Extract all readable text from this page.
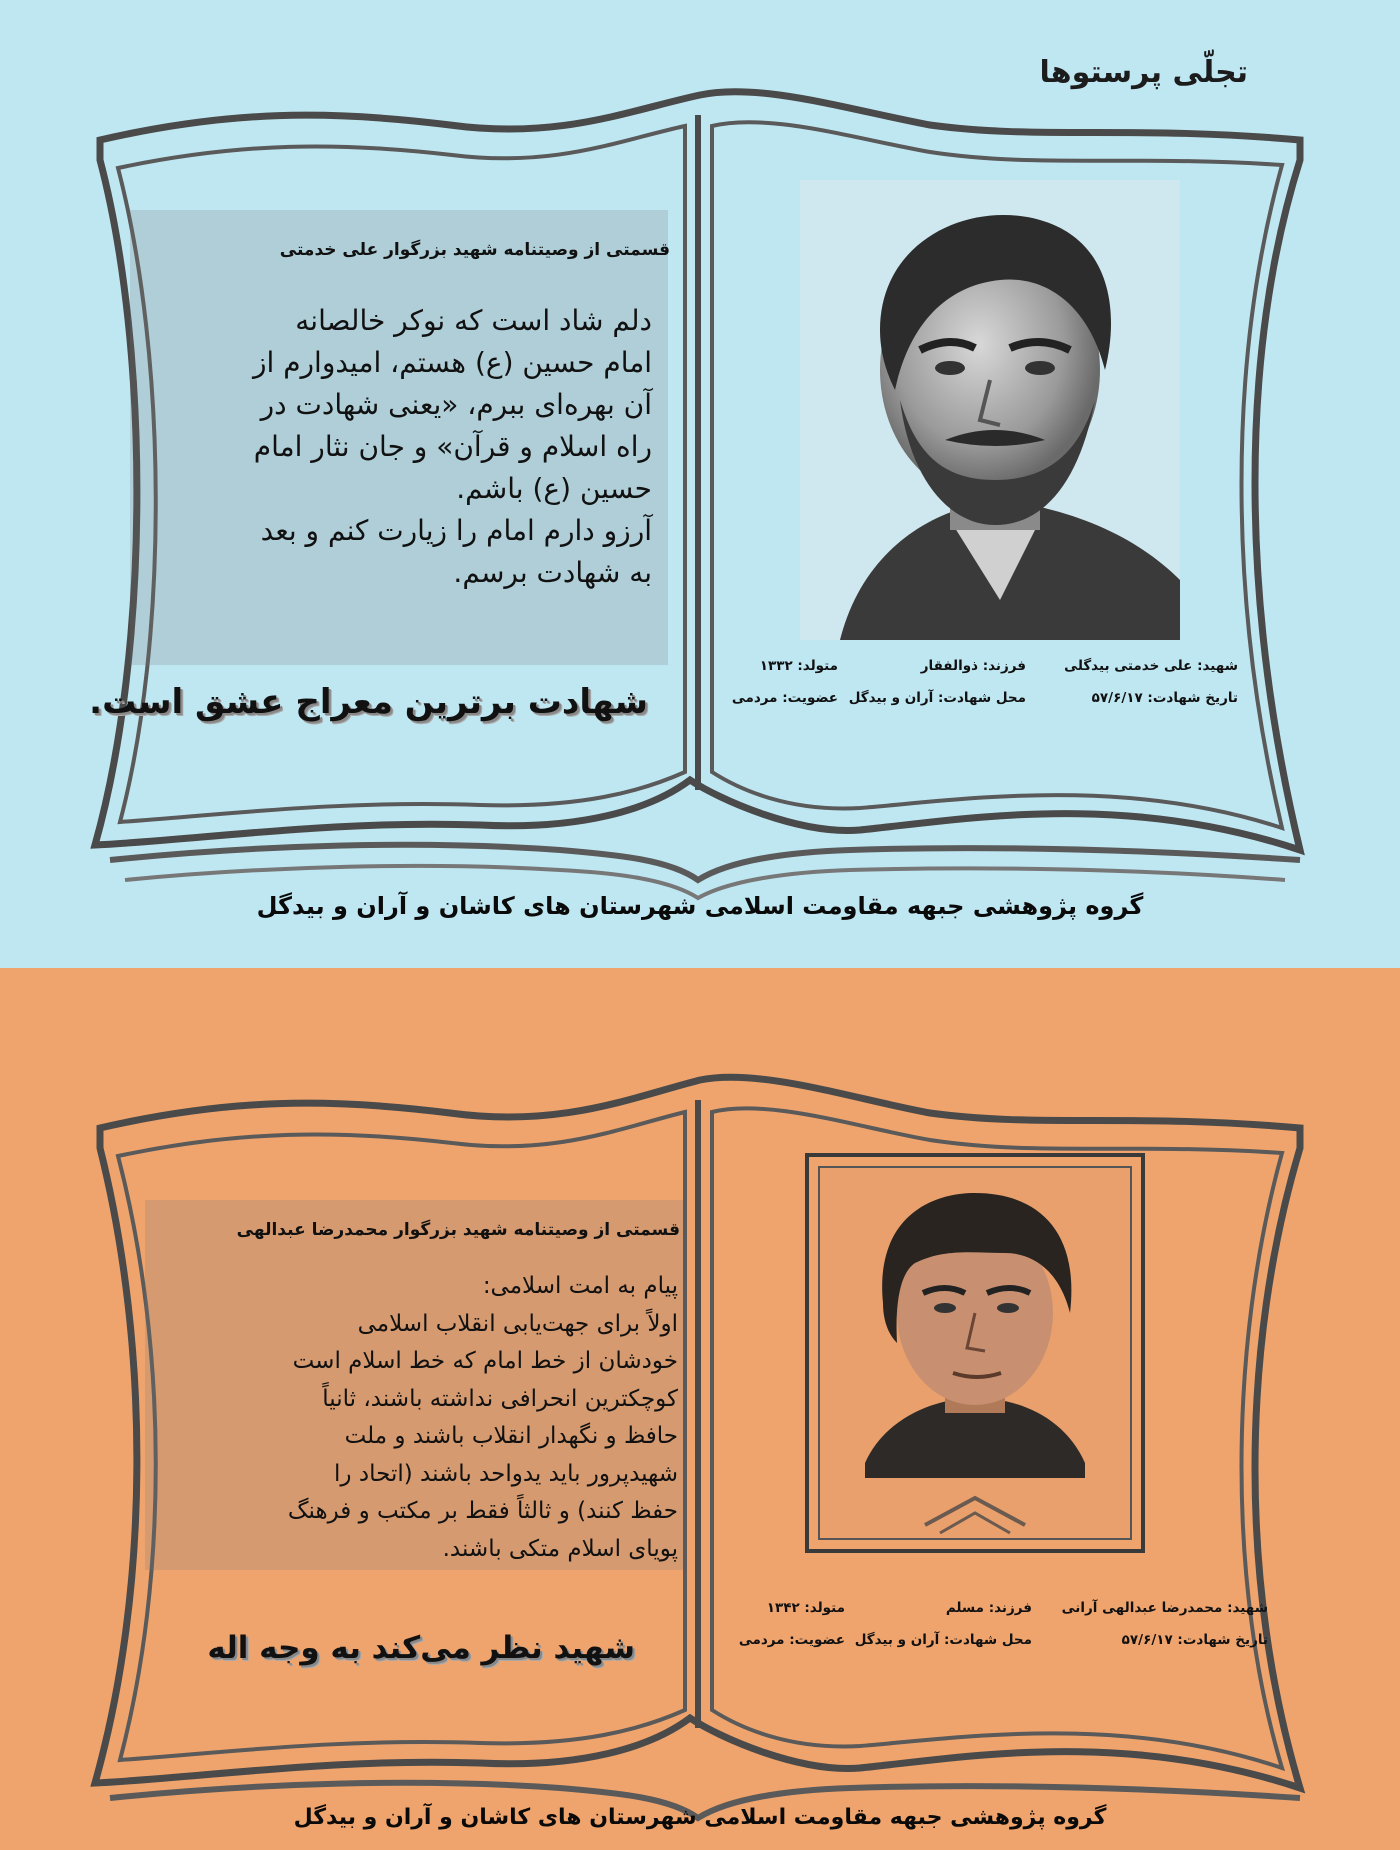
تجلّی پرستوها
قسمتی از وصیتنامه شهید بزرگوار علی خدمتی
دلم شاد است که نوکر خالصانه
امام حسین (ع) هستم، امیدوارم از
آن بهره‌ای ببرم، «یعنی شهادت در
راه اسلام و قرآن» و جان نثار امام
حسین (ع) باشم.
آرزو دارم امام را زیارت کنم و بعد
به شهادت برسم.
شهادت برترین معراج عشق است.
شهید: علی خدمتی بیدگلی
تاریخ شهادت: ۵۷/۶/۱۷
فرزند: ذوالفقار
محل شهادت: آران و بیدگل
متولد: ۱۳۳۲
عضویت: مردمی
گروه پژوهشی جبهه مقاومت اسلامی شهرستان های کاشان و آران و بیدگل
قسمتی از وصیتنامه شهید بزرگوار محمدرضا عبدالهی
پیام به امت اسلامی:
اولاً برای جهت‌یابی انقلاب اسلامی
خودشان از خط امام که خط اسلام است
کوچکترین انحرافی نداشته باشند، ثانیاً
حافظ و نگهدار انقلاب باشند و ملت
شهیدپرور باید یدواحد باشند (اتحاد را
حفظ کنند) و ثالثاً فقط بر مکتب و فرهنگ
پویای اسلام متکی باشند.
شهید نظر می‌کند به وجه اله
شهید: محمدرضا عبدالهی آرانی
تاریخ شهادت: ۵۷/۶/۱۷
فرزند: مسلم
محل شهادت: آران و بیدگل
متولد: ۱۳۴۲
عضویت: مردمی
گروه پژوهشی جبهه مقاومت اسلامی شهرستان های کاشان و آران و بیدگل
